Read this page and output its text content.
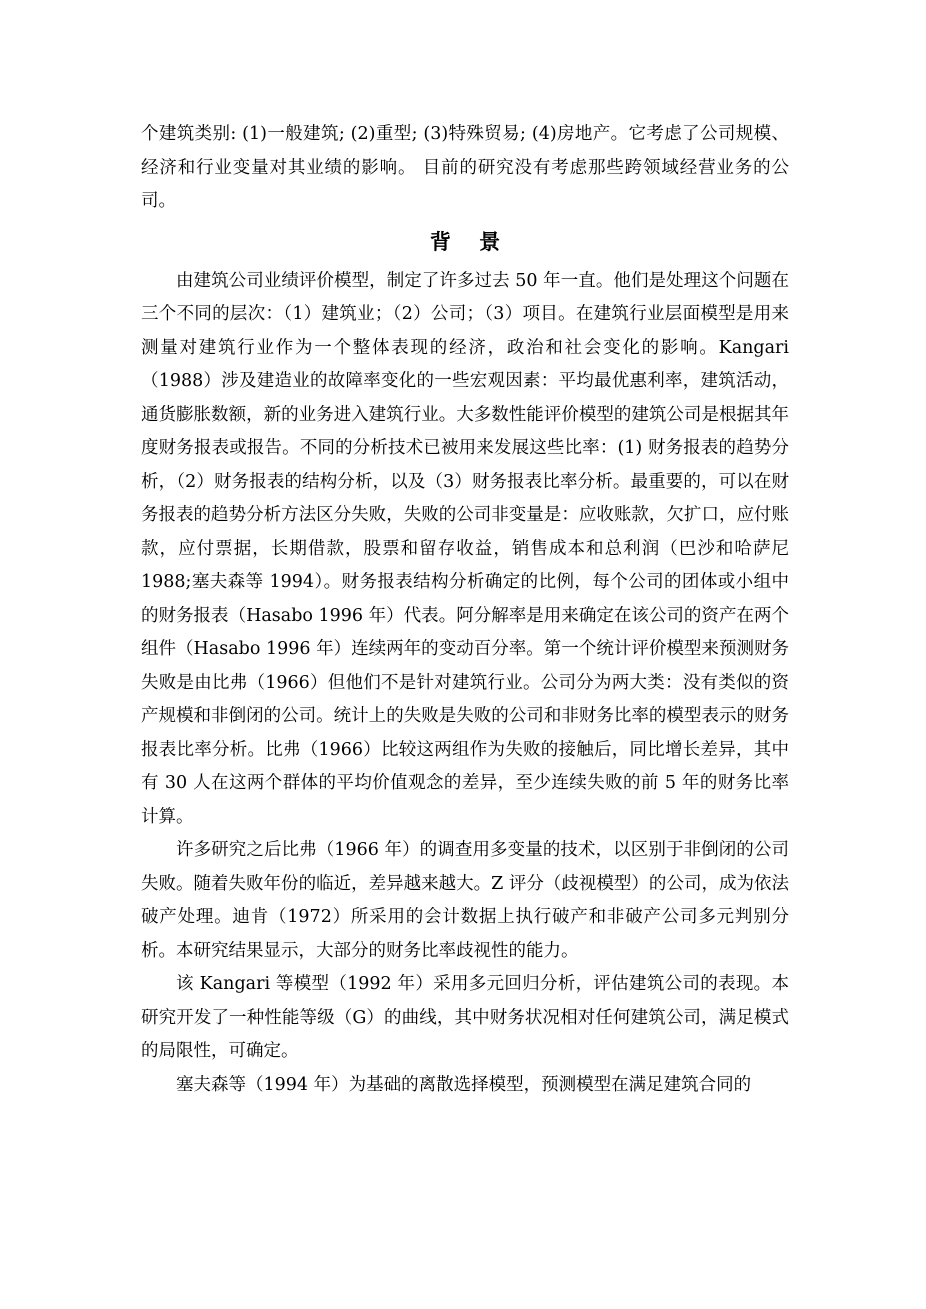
个建筑类别: (1)一般建筑; (2)重型; (3)特殊贸易; (4)房地产。它考虑了公司规模、经济和行业变量对其业绩的影响。 目前的研究没有考虑那些跨领域经营业务的公司。

背 景

由建筑公司业绩评价模型，制定了许多过去 50 年一直。他们是处理这个问题在三个不同的层次：（1）建筑业；（2）公司；（3）项目。在建筑行业层面模型是用来测量对建筑行业作为一个整体表现的经济，政治和社会变化的影响。Kangari（1988）涉及建造业的故障率变化的一些宏观因素：平均最优惠利率，建筑活动，通货膨胀数额，新的业务进入建筑行业。大多数性能评价模型的建筑公司是根据其年度财务报表或报告。不同的分析技术已被用来发展这些比率：(1) 财务报表的趋势分析，（2）财务报表的结构分析，以及（3）财务报表比率分析。最重要的，可以在财务报表的趋势分析方法区分失败，失败的公司非变量是：应收账款，欠扩口，应付账款，应付票据，长期借款，股票和留存收益，销售成本和总利润（巴沙和哈萨尼 1988;塞夫森等 1994）。财务报表结构分析确定的比例，每个公司的团体或小组中的财务报表（Hasabo 1996 年）代表。阿分解率是用来确定在该公司的资产在两个组件（Hasabo 1996 年）连续两年的变动百分率。第一个统计评价模型来预测财务失败是由比弗（1966）但他们不是针对建筑行业。公司分为两大类：没有类似的资产规模和非倒闭的公司。统计上的失败是失败的公司和非财务比率的模型表示的财务报表比率分析。比弗（1966）比较这两组作为失败的接触后，同比增长差异，其中有 30 人在这两个群体的平均价值观念的差异，至少连续失败的前 5 年的财务比率计算。

许多研究之后比弗（1966 年）的调查用多变量的技术，以区别于非倒闭的公司失败。随着失败年份的临近，差异越来越大。Z 评分（歧视模型）的公司，成为依法破产处理。迪肯（1972）所采用的会计数据上执行破产和非破产公司多元判别分析。本研究结果显示，大部分的财务比率歧视性的能力。

该 Kangari 等模型（1992 年）采用多元回归分析，评估建筑公司的表现。本研究开发了一种性能等级（G）的曲线，其中财务状况相对任何建筑公司，满足模式的局限性，可确定。

塞夫森等（1994 年）为基础的离散选择模型，预测模型在满足建筑合同的
